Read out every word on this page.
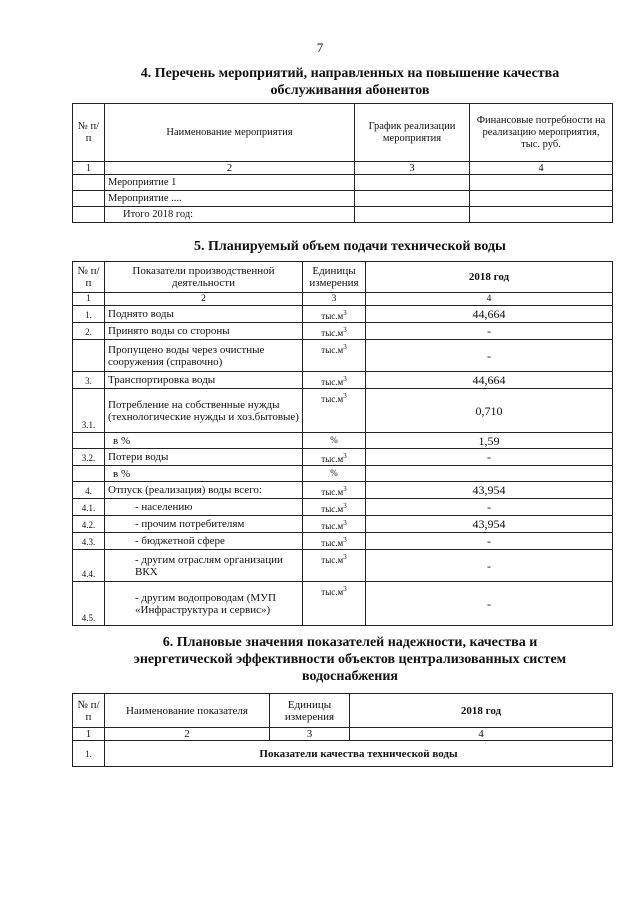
7
4. Перечень мероприятий, направленных на повышение качества
обслуживания абонентов
№ п/п	Наименование мероприятия	График реализации мероприятия	Финансовые потребности на реализацию мероприятия, тыс. руб.
1	2	3	4
	Мероприятие 1		
	Мероприятие ....		
	Итого 2018 год:		
5. Планируемый объем подачи технической воды
№ п/п	Показатели производственной деятельности	Единицы измерения	2018 год
1	2	3	4
1.	Поднято воды	$тыс.м^3$	44,664
2.	Принято воды со стороны	$тыс.м^3$	-
	Пропущено воды через очистные сооружения (справочно)	$тыс.м^3$	-
3.	Транспортировка воды	$тыс.м^3$	44,664
3.1.	Потребление на собственные нужды (технологические нужды и хоз.бытовые)	$тыс.м^3$	0,710
	в %	%	1,59
3.2.	Потери воды	$тыс.м^3$	-
	в %	%	
4.	Отпуск (реализация) воды всего:	$тыс.м^3$	43,954
4.1.	- населению	$тыс.м^3$	-
4.2.	- прочим потребителям	$тыс.м^3$	43,954
4.3.	- бюджетной сфере	$тыс.м^3$	-
4.4.	- другим отраслям организации ВКХ	$тыс.м^3$	-
4.5.	- другим водопроводам (МУП «Инфраструктура и сервис»)	$тыс.м^3$	-
6. Плановые значения показателей надежности, качества и
энергетической эффективности объектов централизованных систем
водоснабжения
№ п/п	Наименование показателя	Единицы измерения	2018 год
1	2	3	4
1.	Показатели качества технической воды		
